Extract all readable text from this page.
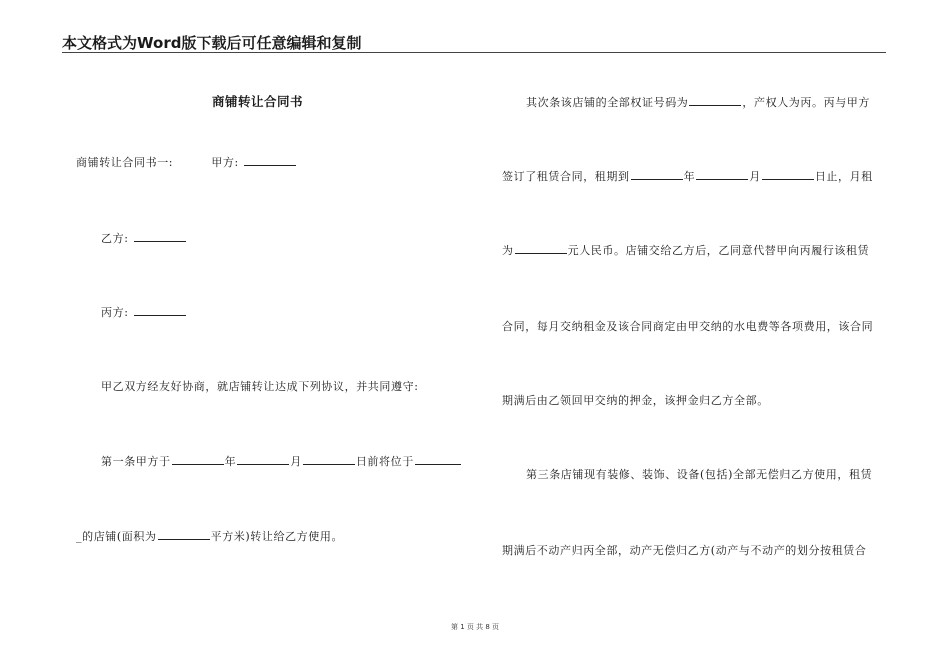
本文格式为Word版下载后可任意编辑和复制
商铺转让合同书
商铺转让合同书一:	甲方:
乙方:
丙方:
甲乙双方经友好协商，就店铺转让达成下列协议，并共同遵守:
第一条甲方于	年	月	日前将位于
_的店铺(面积为	平方米)转让给乙方使用。
其次条该店铺的全部权证号码为	，产权人为丙。丙与甲方
签订了租赁合同，租期到	年	月	日止，月租
为	元人民币。店铺交给乙方后，乙同意代替甲向丙履行该租赁
合同，每月交纳租金及该合同商定由甲交纳的水电费等各项费用，该合同
期满后由乙领回甲交纳的押金，该押金归乙方全部。
第三条店铺现有装修、装饰、设备(包括)全部无偿归乙方使用，租赁
期满后不动产归丙全部，动产无偿归乙方(动产与不动产的划分按租赁合
第 1 页 共 8 页
